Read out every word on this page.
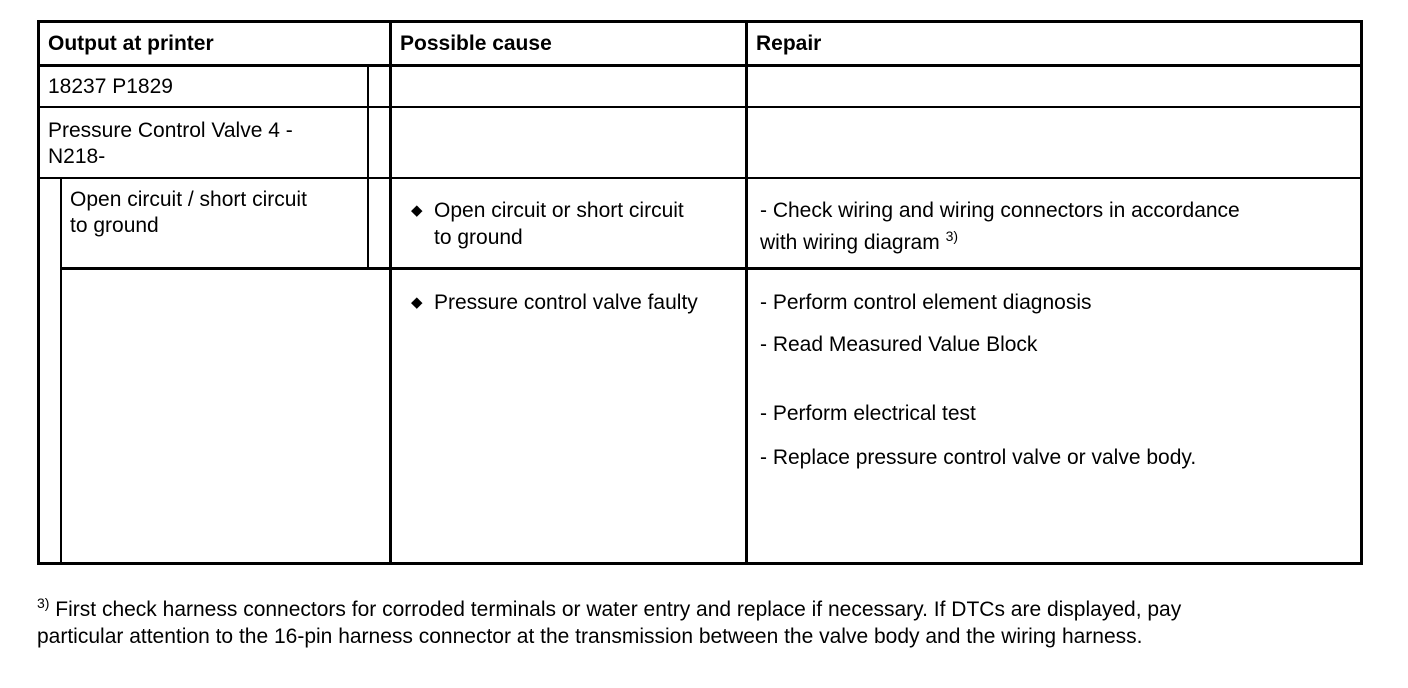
Output at printer	Possible cause	Repair
18237 P1829
Pressure Control Valve 4 -
N218-
Open circuit / short circuit
to ground
◆ Open circuit or short circuit
to ground
◆ Pressure control valve faulty
- Check wiring and wiring connectors in accordance
with wiring diagram $^{3)}$
- Perform control element diagnosis
- Read Measured Value Block
- Perform electrical test
- Replace pressure control valve or valve body.
$^{3)}$ First check harness connectors for corroded terminals or water entry and replace if necessary. If DTCs are displayed, pay
particular attention to the 16-pin harness connector at the transmission between the valve body and the wiring harness.
